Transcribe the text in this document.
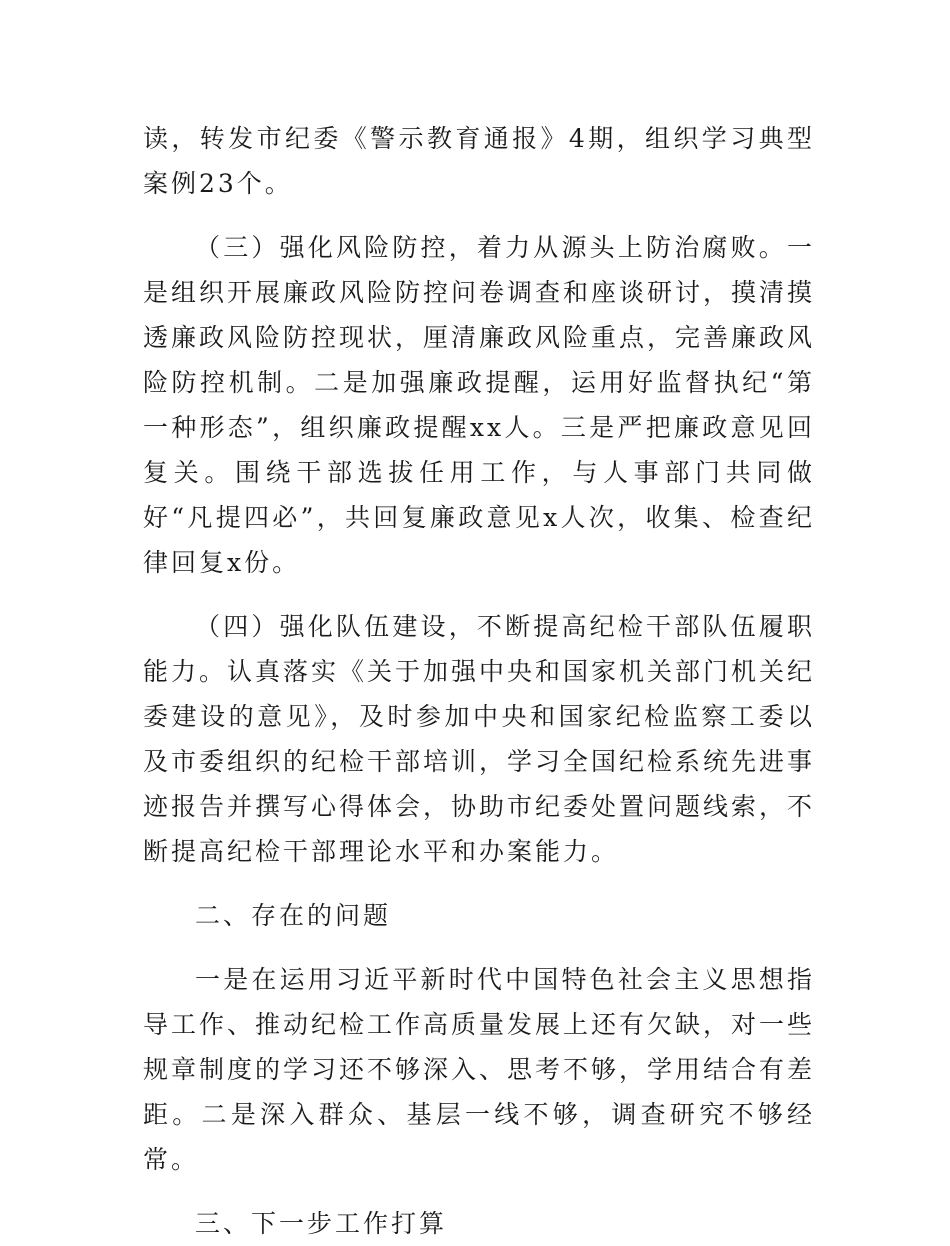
读，转发市纪委《警示教育通报》4期，组织学习典型案例23个。

（三）强化风险防控，着力从源头上防治腐败。一是组织开展廉政风险防控问卷调查和座谈研讨，摸清摸透廉政风险防控现状，厘清廉政风险重点，完善廉政风险防控机制。二是加强廉政提醒，运用好监督执纪“第一种形态”，组织廉政提醒xx人。三是严把廉政意见回复关。围绕干部选拔任用工作，与人事部门共同做好“凡提四必”，共回复廉政意见x人次，收集、检查纪律回复x份。

（四）强化队伍建设，不断提高纪检干部队伍履职能力。认真落实《关于加强中央和国家机关部门机关纪委建设的意见》，及时参加中央和国家纪检监察工委以及市委组织的纪检干部培训，学习全国纪检系统先进事迹报告并撰写心得体会，协助市纪委处置问题线索，不断提高纪检干部理论水平和办案能力。

二、存在的问题

一是在运用习近平新时代中国特色社会主义思想指导工作、推动纪检工作高质量发展上还有欠缺，对一些规章制度的学习还不够深入、思考不够，学用结合有差距。二是深入群众、基层一线不够，调查研究不够经常。

三、下一步工作打算
